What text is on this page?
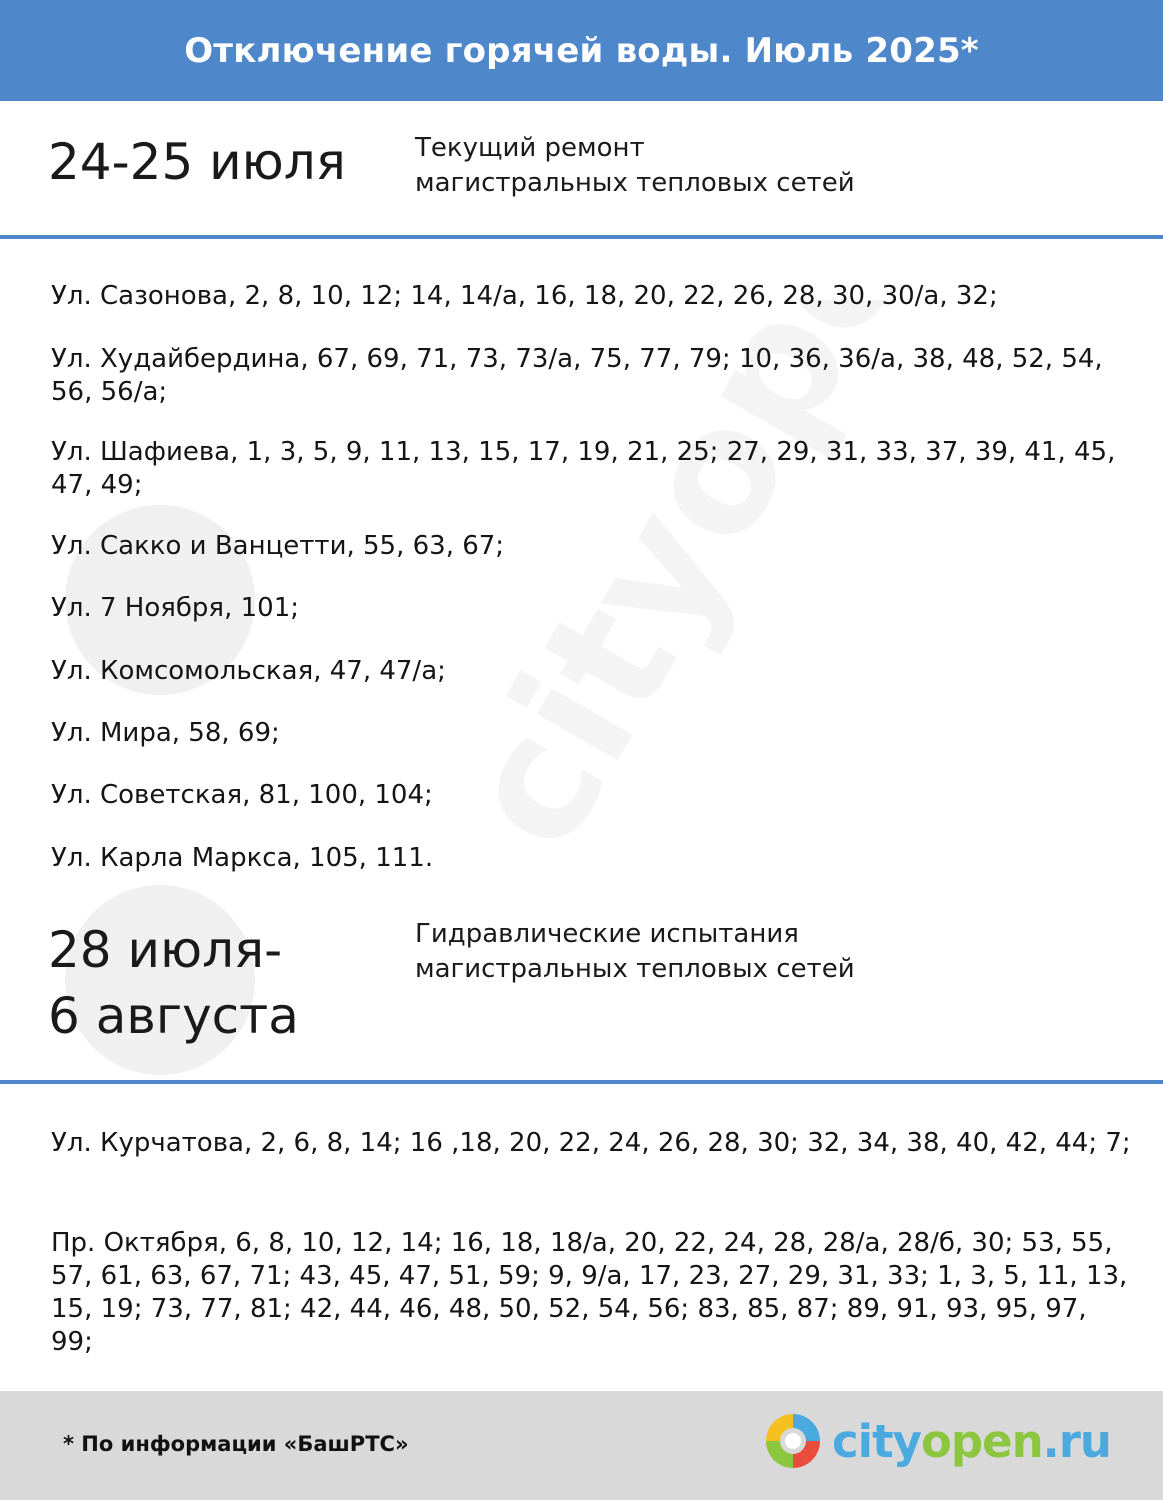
Отключение горячей воды. Июль 2025*
24-25 июля	Текущий ремонт
магистральных тепловых сетей
Ул. Сазонова, 2, 8, 10, 12; 14, 14/а, 16, 18, 20, 22, 26, 28, 30, 30/а, 32;
Ул. Худайбердина, 67, 69, 71, 73, 73/а, 75, 77, 79; 10, 36, 36/а, 38, 48, 52, 54, 56, 56/а;
Ул. Шафиева, 1, 3, 5, 9, 11, 13, 15, 17, 19, 21, 25; 27, 29, 31, 33, 37, 39, 41, 45, 47, 49;
Ул. Сакко и Ванцетти, 55, 63, 67;
Ул. 7 Ноября, 101;
Ул. Комсомольская, 47, 47/а;
Ул. Мира, 58, 69;
Ул. Советская, 81, 100, 104;
Ул. Карла Маркса, 105, 111.
28 июля-
6 августа
Гидравлические испытания
магистральных тепловых сетей
Ул. Курчатова, 2, 6, 8, 14; 16 ,18, 20, 22, 24, 26, 28, 30; 32, 34, 38, 40, 42, 44; 7;
Пр. Октября, 6, 8, 10, 12, 14; 16, 18, 18/а, 20, 22, 24, 28, 28/а, 28/б, 30; 53, 55, 57, 61, 63, 67, 71; 43, 45, 47, 51, 59; 9, 9/а, 17, 23, 27, 29, 31, 33; 1, 3, 5, 11, 13, 15, 19; 73, 77, 81; 42, 44, 46, 48, 50, 52, 54, 56; 83, 85, 87; 89, 91, 93, 95, 97, 99;
* По информации «БашРТС»	cityopen.ru
